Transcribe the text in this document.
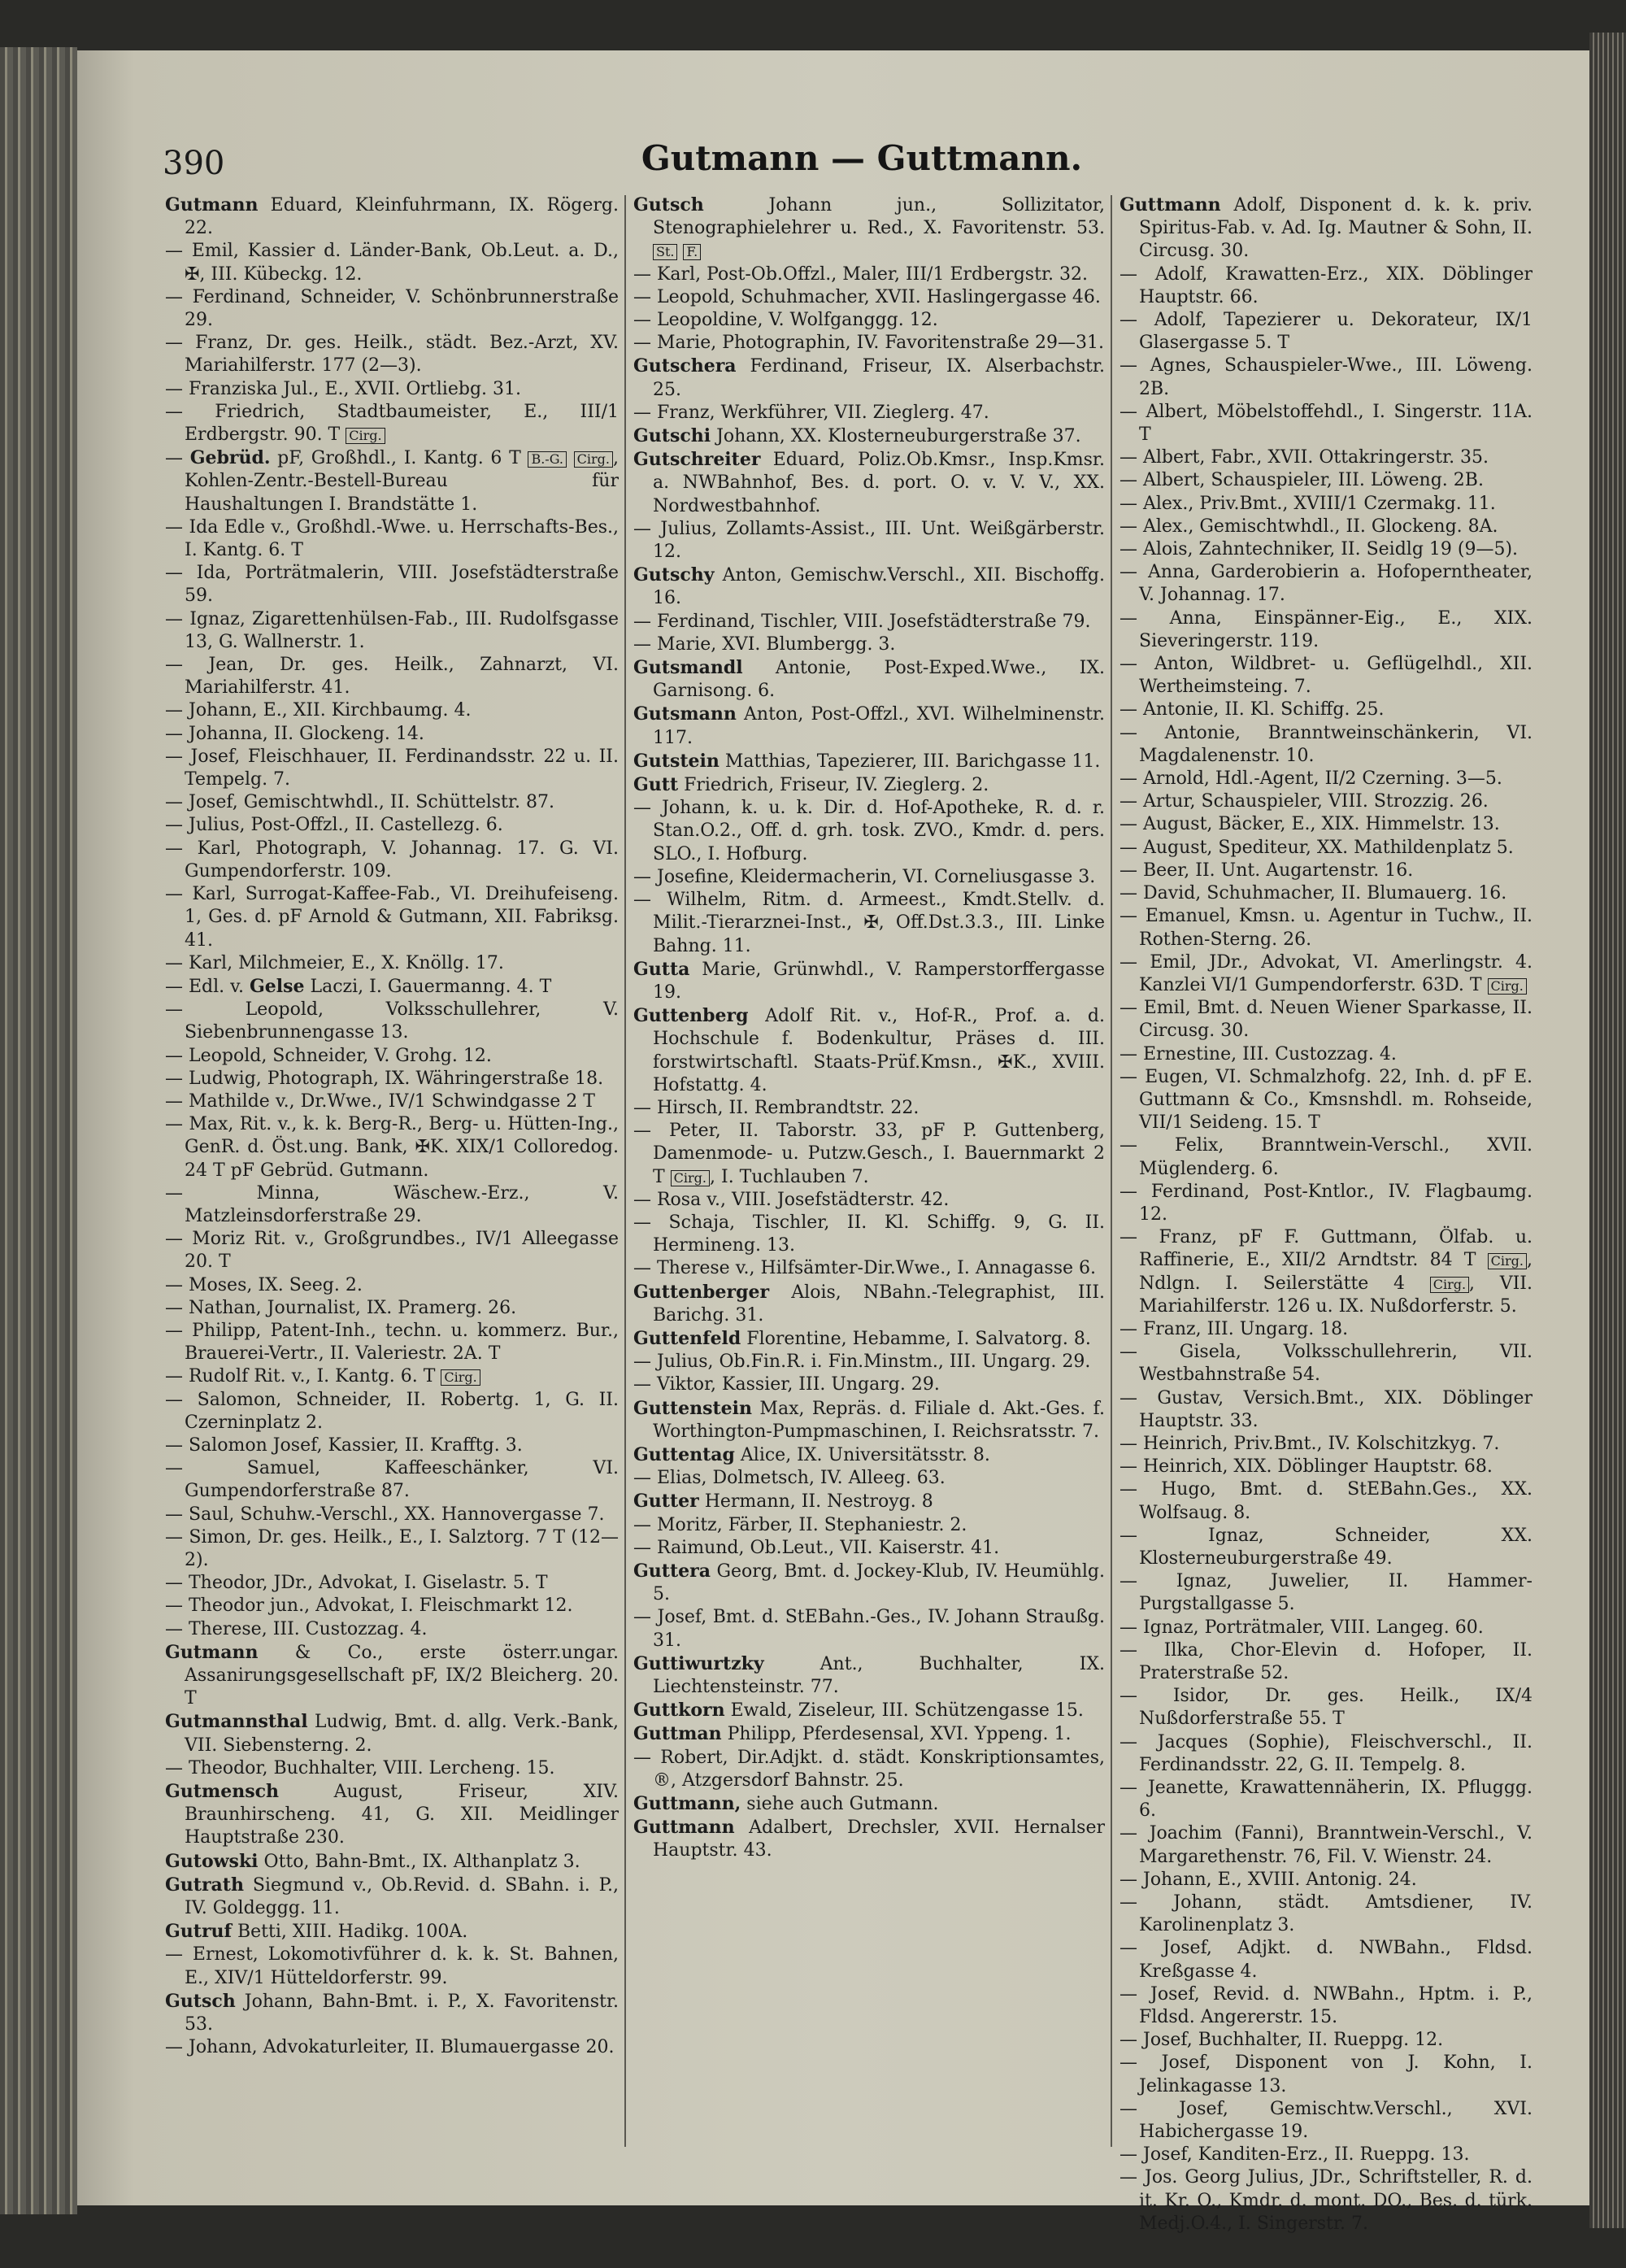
390	Gutmann — Guttmann.
Gutmann Eduard, Kleinfuhrmann, IX. Rögerg. 22.
— Emil, Kassier d. Länder-Bank, Ob.Leut. a. D., ✠, III. Kübeckg. 12.
— Ferdinand, Schneider, V. Schönbrunnerstraße 29.
— Franz, Dr. ges. Heilk., städt. Bez.-Arzt, XV. Mariahilferstr. 177 (2—3).
— Franziska Jul., E., XVII. Ortliebg. 31.
— Friedrich, Stadtbaumeister, E., III/1 Erdbergstr. 90. T Cirg.
— Gebrüd. pF, Großhdl., I. Kantg. 6 T B.-G. Cirg. , Kohlen-Zentr.-Bestell-Bureau für Haushaltungen I. Brandstätte 1.
— Ida Edle v., Großhdl.-Wwe. u. Herrschafts-Bes., I. Kantg. 6. T
— Ida, Porträtmalerin, VIII. Josefstädterstraße 59.
— Ignaz, Zigarettenhülsen-Fab., III. Rudolfsgasse 13, G. Wallnerstr. 1.
— Jean, Dr. ges. Heilk., Zahnarzt, VI. Mariahilferstr. 41.
— Johann, E., XII. Kirchbaumg. 4.
— Johanna, II. Glockeng. 14.
— Josef, Fleischhauer, II. Ferdinandsstr. 22 u. II. Tempelg. 7.
— Josef, Gemischtwhdl., II. Schüttelstr. 87.
— Julius, Post-Offzl., II. Castellezg. 6.
— Karl, Photograph, V. Johannag. 17. G. VI. Gumpendorferstr. 109.
— Karl, Surrogat-Kaffee-Fab., VI. Dreihufeiseng. 1, Ges. d. pF Arnold & Gutmann, XII. Fabriksg. 41.
— Karl, Milchmeier, E., X. Knöllg. 17.
— Edl. v. Gelse Laczi, I. Gauermanng. 4. T
— Leopold, Volksschullehrer, V. Siebenbrunnengasse 13.
— Leopold, Schneider, V. Grohg. 12.
— Ludwig, Photograph, IX. Währingerstraße 18.
— Mathilde v., Dr.Wwe., IV/1 Schwindgasse 2 T
— Max, Rit. v., k. k. Berg-R., Berg- u. Hütten-Ing., GenR. d. Öst.ung. Bank, ✠K. XIX/1 Colloredog. 24 T pF Gebrüd. Gutmann.
— Minna, Wäschew.-Erz., V. Matzleinsdorferstraße 29.
— Moriz Rit. v., Großgrundbes., IV/1 Alleegasse 20. T
— Moses, IX. Seeg. 2.
— Nathan, Journalist, IX. Pramerg. 26.
— Philipp, Patent-Inh., techn. u. kommerz. Bur., Brauerei-Vertr., II. Valeriestr. 2A. T
— Rudolf Rit. v., I. Kantg. 6. T Cirg.
— Salomon, Schneider, II. Robertg. 1, G. II. Czerninplatz 2.
— Salomon Josef, Kassier, II. Krafftg. 3.
— Samuel, Kaffeeschänker, VI. Gumpendorferstraße 87.
— Saul, Schuhw.-Verschl., XX. Hannovergasse 7.
— Simon, Dr. ges. Heilk., E., I. Salztorg. 7 T (12—2).
— Theodor, JDr., Advokat, I. Giselastr. 5. T
— Theodor jun., Advokat, I. Fleischmarkt 12.
— Therese, III. Custozzag. 4.
Gutmann & Co., erste österr.ungar. Assanirungsgesellschaft pF, IX/2 Bleicherg. 20. T
Gutmannsthal Ludwig, Bmt. d. allg. Verk.-Bank, VII. Siebensterng. 2.
— Theodor, Buchhalter, VIII. Lercheng. 15.
Gutmensch August, Friseur, XIV. Braunhirscheng. 41, G. XII. Meidlinger Hauptstraße 230.
Gutowski Otto, Bahn-Bmt., IX. Althanplatz 3.
Gutrath Siegmund v., Ob.Revid. d. SBahn. i. P., IV. Goldeggg. 11.
Gutruf Betti, XIII. Hadikg. 100A.
— Ernest, Lokomotivführer d. k. k. St. Bahnen, E., XIV/1 Hütteldorferstr. 99.
Gutsch Johann, Bahn-Bmt. i. P., X. Favoritenstr. 53.
— Johann, Advokaturleiter, II. Blumauergasse 20.
Gutsch Johann jun., Sollizitator, Stenographielehrer u. Red., X. Favoritenstr. 53. St. F.
— Karl, Post-Ob.Offzl., Maler, III/1 Erdbergstr. 32.
— Leopold, Schuhmacher, XVII. Haslingergasse 46.
— Leopoldine, V. Wolfganggg. 12.
— Marie, Photographin, IV. Favoritenstraße 29—31.
Gutschera Ferdinand, Friseur, IX. Alserbachstr. 25.
— Franz, Werkführer, VII. Zieglerg. 47.
Gutschi Johann, XX. Klosterneuburgerstraße 37.
Gutschreiter Eduard, Poliz.Ob.Kmsr., Insp.Kmsr. a. NWBahnhof, Bes. d. port. O. v. V. V., XX. Nordwestbahnhof.
— Julius, Zollamts-Assist., III. Unt. Weißgärberstr. 12.
Gutschy Anton, Gemischw.Verschl., XII. Bischoffg. 16.
— Ferdinand, Tischler, VIII. Josefstädterstraße 79.
— Marie, XVI. Blumbergg. 3.
Gutsmandl Antonie, Post-Exped.Wwe., IX. Garnisong. 6.
Gutsmann Anton, Post-Offzl., XVI. Wilhelminenstr. 117.
Gutstein Matthias, Tapezierer, III. Barichgasse 11.
Gutt Friedrich, Friseur, IV. Zieglerg. 2.
— Johann, k. u. k. Dir. d. Hof-Apotheke, R. d. r. Stan.O.2., Off. d. grh. tosk. ZVO., Kmdr. d. pers. SLO., I. Hofburg.
— Josefine, Kleidermacherin, VI. Corneliusgasse 3.
— Wilhelm, Ritm. d. Armeest., Kmdt.Stellv. d. Milit.-Tierarznei-Inst., ✠, Off.Dst.3.3., III. Linke Bahng. 11.
Gutta Marie, Grünwhdl., V. Ramperstorffergasse 19.
Guttenberg Adolf Rit. v., Hof-R., Prof. a. d. Hochschule f. Bodenkultur, Präses d. III. forstwirtschaftl. Staats-Prüf.Kmsn., ✠K., XVIII. Hofstattg. 4.
— Hirsch, II. Rembrandtstr. 22.
— Peter, II. Taborstr. 33, pF P. Guttenberg, Damenmode- u. Putzw.Gesch., I. Bauernmarkt 2 T Cirg. , I. Tuchlauben 7.
— Rosa v., VIII. Josefstädterstr. 42.
— Schaja, Tischler, II. Kl. Schiffg. 9, G. II. Hermineng. 13.
— Therese v., Hilfsämter-Dir.Wwe., I. Annagasse 6.
Guttenberger Alois, NBahn.-Telegraphist, III. Barichg. 31.
Guttenfeld Florentine, Hebamme, I. Salvatorg. 8.
— Julius, Ob.Fin.R. i. Fin.Minstm., III. Ungarg. 29.
— Viktor, Kassier, III. Ungarg. 29.
Guttenstein Max, Repräs. d. Filiale d. Akt.-Ges. f. Worthington-Pumpmaschinen, I. Reichsratsstr. 7.
Guttentag Alice, IX. Universitätsstr. 8.
— Elias, Dolmetsch, IV. Alleeg. 63.
Gutter Hermann, II. Nestroyg. 8
— Moritz, Färber, II. Stephaniestr. 2.
— Raimund, Ob.Leut., VII. Kaiserstr. 41.
Guttera Georg, Bmt. d. Jockey-Klub, IV. Heumühlg. 5.
— Josef, Bmt. d. StEBahn.-Ges., IV. Johann Straußg. 31.
Guttiwurtzky Ant., Buchhalter, IX. Liechtensteinstr. 77.
Guttkorn Ewald, Ziseleur, III. Schützengasse 15.
Guttman Philipp, Pferdesensal, XVI. Yppeng. 1.
— Robert, Dir.Adjkt. d. städt. Konskriptionsamtes, ®, Atzgersdorf Bahnstr. 25.
Guttmann, siehe auch Gutmann.
Guttmann Adalbert, Drechsler, XVII. Hernalser Hauptstr. 43.
Guttmann Adolf, Disponent d. k. k. priv. Spiritus-Fab. v. Ad. Ig. Mautner & Sohn, II. Circusg. 30.
— Adolf, Krawatten-Erz., XIX. Döblinger Hauptstr. 66.
— Adolf, Tapezierer u. Dekorateur, IX/1 Glasergasse 5. T
— Agnes, Schauspieler-Wwe., III. Löweng. 2B.
— Albert, Möbelstoffehdl., I. Singerstr. 11A. T
— Albert, Fabr., XVII. Ottakringerstr. 35.
— Albert, Schauspieler, III. Löweng. 2B.
— Alex., Priv.Bmt., XVIII/1 Czermakg. 11.
— Alex., Gemischtwhdl., II. Glockeng. 8A.
— Alois, Zahntechniker, II. Seidlg 19 (9—5).
— Anna, Garderobierin a. Hofoperntheater, V. Johannag. 17.
— Anna, Einspänner-Eig., E., XIX. Sieveringerstr. 119.
— Anton, Wildbret- u. Geflügelhdl., XII. Wertheimsteing. 7.
— Antonie, II. Kl. Schiffg. 25.
— Antonie, Branntweinschänkerin, VI. Magdalenenstr. 10.
— Arnold, Hdl.-Agent, II/2 Czerning. 3—5.
— Artur, Schauspieler, VIII. Strozzig. 26.
— August, Bäcker, E., XIX. Himmelstr. 13.
— August, Spediteur, XX. Mathildenplatz 5.
— Beer, II. Unt. Augartenstr. 16.
— David, Schuhmacher, II. Blumauerg. 16.
— Emanuel, Kmsn. u. Agentur in Tuchw., II. Rothen-Sterng. 26.
— Emil, JDr., Advokat, VI. Amerlingstr. 4. Kanzlei VI/1 Gumpendorferstr. 63D. T Cirg.
— Emil, Bmt. d. Neuen Wiener Sparkasse, II. Circusg. 30.
— Ernestine, III. Custozzag. 4.
— Eugen, VI. Schmalzhofg. 22, Inh. d. pF E. Guttmann & Co., Kmsnshdl. m. Rohseide, VII/1 Seideng. 15. T
— Felix, Branntwein-Verschl., XVII. Müglenderg. 6.
— Ferdinand, Post-Kntlor., IV. Flagbaumg. 12.
— Franz, pF F. Guttmann, Ölfab. u. Raffinerie, E., XII/2 Arndtstr. 84 T Cirg. , Ndlgn. I. Seilerstätte 4 Cirg. , VII. Mariahilferstr. 126 u. IX. Nußdorferstr. 5.
— Franz, III. Ungarg. 18.
— Gisela, Volksschullehrerin, VII. Westbahnstraße 54.
— Gustav, Versich.Bmt., XIX. Döblinger Hauptstr. 33.
— Heinrich, Priv.Bmt., IV. Kolschitzkyg. 7.
— Heinrich, XIX. Döblinger Hauptstr. 68.
— Hugo, Bmt. d. StEBahn.Ges., XX. Wolfsaug. 8.
— Ignaz, Schneider, XX. Klosterneuburgerstraße 49.
— Ignaz, Juwelier, II. Hammer-Purgstallgasse 5.
— Ignaz, Porträtmaler, VIII. Langeg. 60.
— Ilka, Chor-Elevin d. Hofoper, II. Praterstraße 52.
— Isidor, Dr. ges. Heilk., IX/4 Nußdorferstraße 55. T
— Jacques (Sophie), Fleischverschl., II. Ferdinandsstr. 22, G. II. Tempelg. 8.
— Jeanette, Krawattennäherin, IX. Pfluggg. 6.
— Joachim (Fanni), Branntwein-Verschl., V. Margarethenstr. 76, Fil. V. Wienstr. 24.
— Johann, E., XVIII. Antonig. 24.
— Johann, städt. Amtsdiener, IV. Karolinenplatz 3.
— Josef, Adjkt. d. NWBahn., Fldsd. Kreßgasse 4.
— Josef, Revid. d. NWBahn., Hptm. i. P., Fldsd. Angererstr. 15.
— Josef, Buchhalter, II. Rueppg. 12.
— Josef, Disponent von J. Kohn, I. Jelinkagasse 13.
— Josef, Gemischtw.Verschl., XVI. Habichergasse 19.
— Josef, Kanditen-Erz., II. Rueppg. 13.
— Jos. Georg Julius, JDr., Schriftsteller, R. d. it. Kr. O., Kmdr. d. mont. DO., Bes. d. türk. Medj.O.4., I. Singerstr. 7.
